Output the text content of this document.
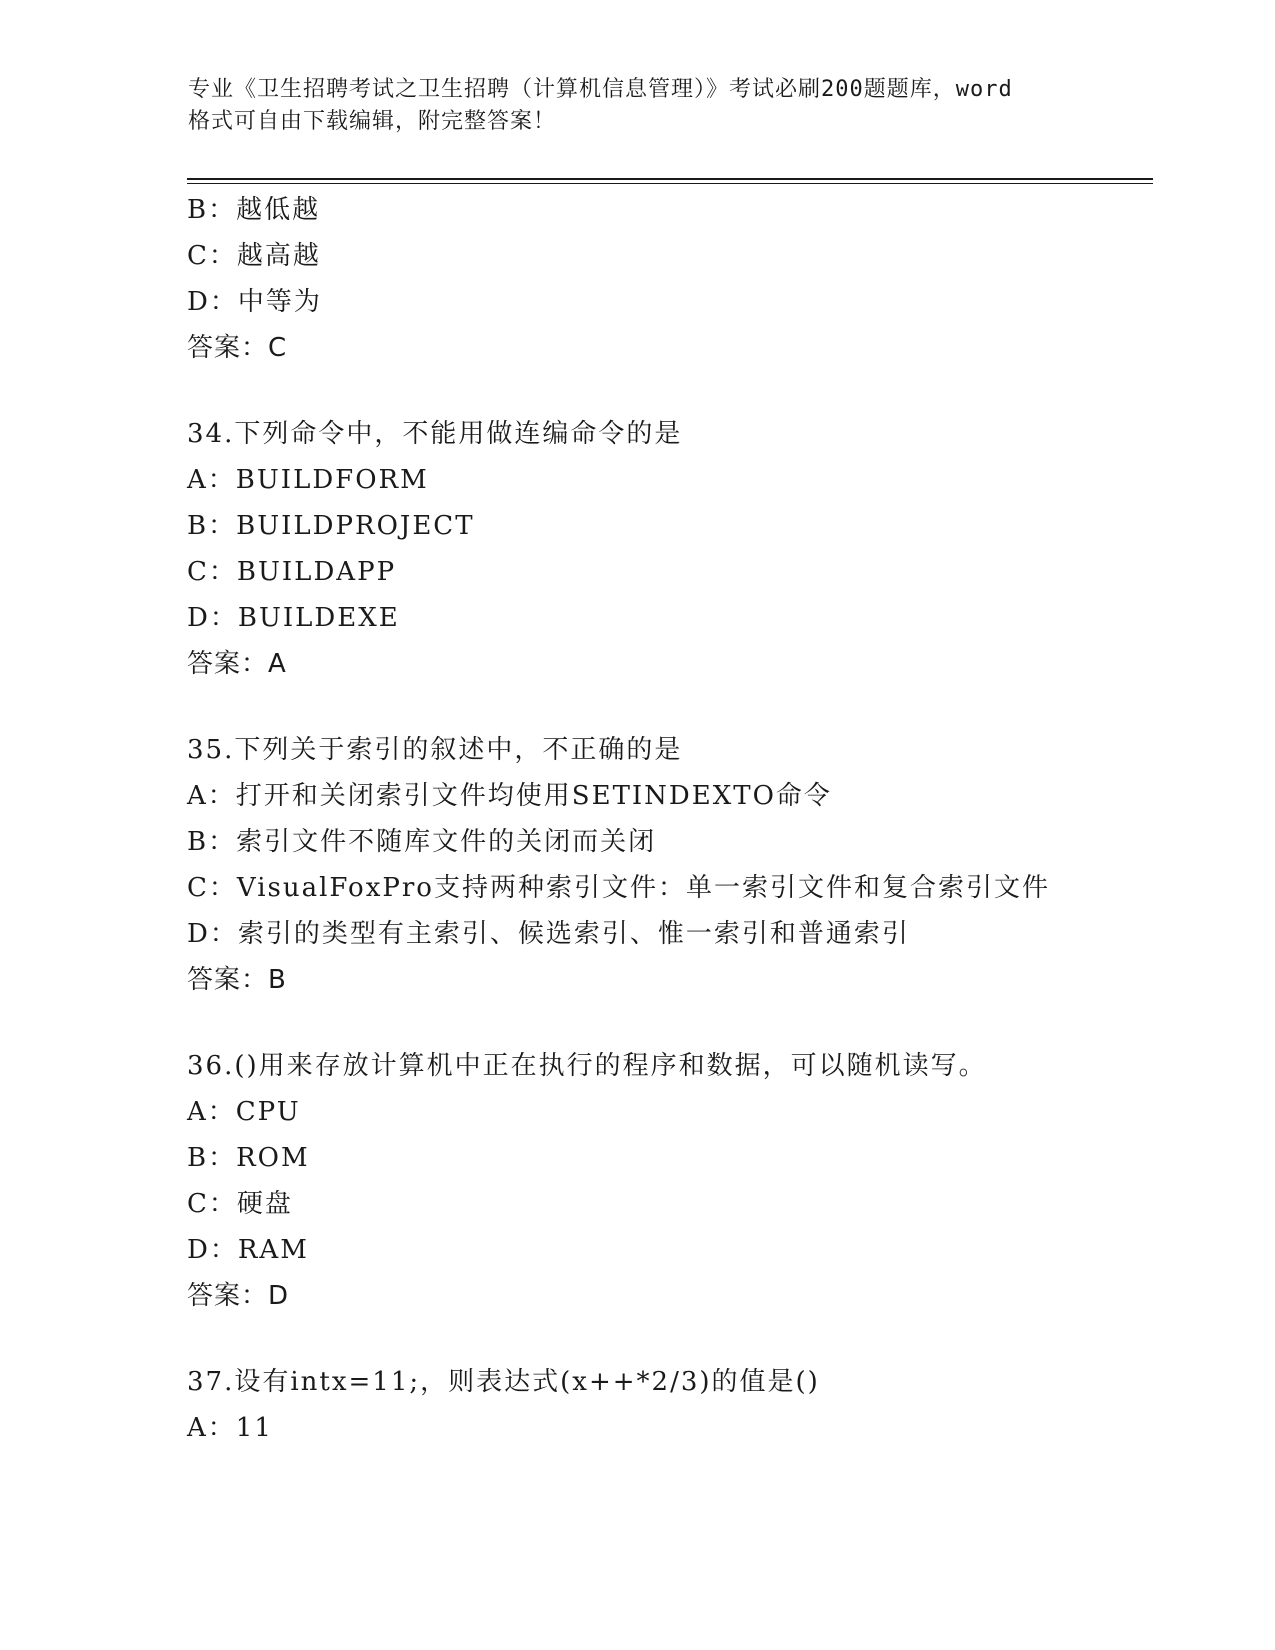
专业《卫生招聘考试之卫生招聘（计算机信息管理）》考试必刷200题题库，word
格式可自由下载编辑，附完整答案！
B：越低越
C：越高越
D：中等为
答案：C
34.下列命令中，不能用做连编命令的是
A：BUILDFORM
B：BUILDPROJECT
C：BUILDAPP
D：BUILDEXE
答案：A
35.下列关于索引的叙述中，不正确的是
A：打开和关闭索引文件均使用SETINDEXTO命令
B：索引文件不随库文件的关闭而关闭
C：VisualFoxPro支持两种索引文件：单一索引文件和复合索引文件
D：索引的类型有主索引、候选索引、惟一索引和普通索引
答案：B
36.()用来存放计算机中正在执行的程序和数据，可以随机读写。
A：CPU
B：ROM
C：硬盘
D：RAM
答案：D
37.设有intx=11;，则表达式(x++*2/3)的值是()
A：11
